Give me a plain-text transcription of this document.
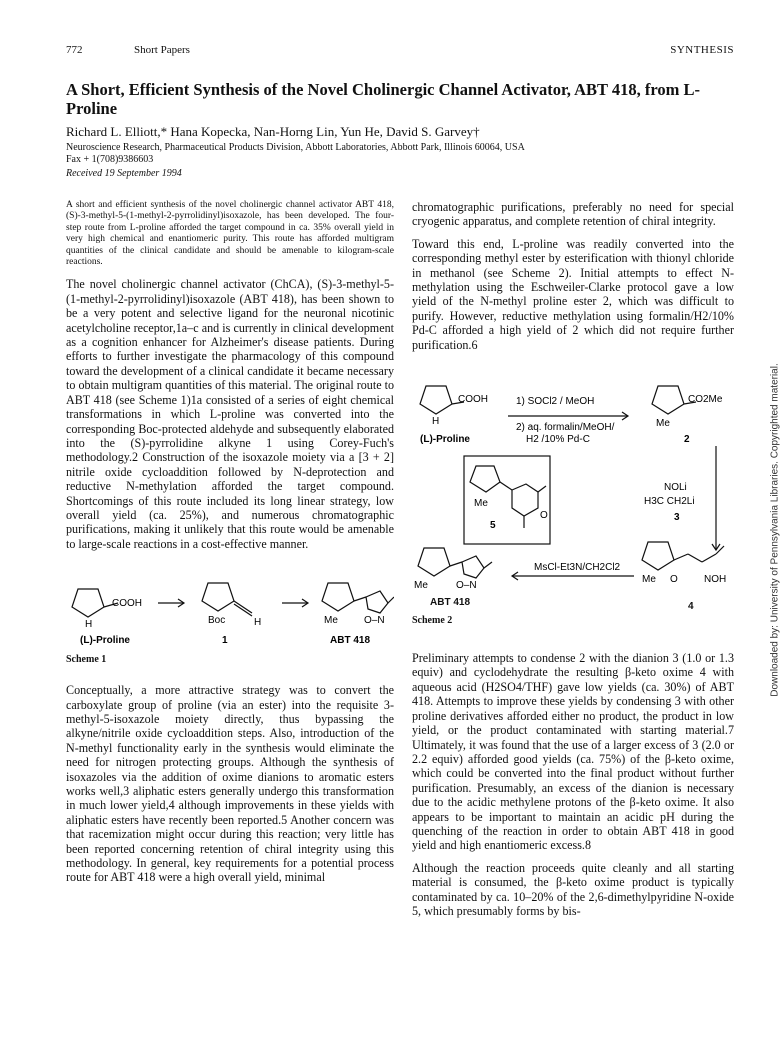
772	Short Papers	SYNTHESIS
A Short, Efficient Synthesis of the Novel Cholinergic Channel Activator, ABT 418, from L-Proline
Richard L. Elliott,* Hana Kopecka, Nan-Horng Lin, Yun He, David S. Garvey†
Neuroscience Research, Pharmaceutical Products Division, Abbott Laboratories, Abbott Park, Illinois 60064, USA
Fax + 1(708)9386603
Received 19 September 1994

A short and efficient synthesis of the novel cholinergic channel activator ABT 418, (S)-3-methyl-5-(1-methyl-2-pyrrolidinyl)isoxazole, has been developed. The four-step route from L-proline afforded the target compound in ca. 35% overall yield in very high chemical and enantiomeric purity. This route has afforded multigram quantities of the clinical candidate and should be amenable to kilogram-scale reactions.

The novel cholinergic channel activator (ChCA), (S)-3-methyl-5-(1-methyl-2-pyrrolidinyl)isoxazole (ABT 418), has been shown to be a very potent and selective ligand for the neuronal nicotinic acetylcholine receptor,1a–c and is currently in clinical development as a cognition enhancer for Alzheimer's disease patients. During efforts to further investigate the pharmacology of this compound toward the development of a clinical candidate it became necessary to obtain multigram quantities of this material. The original route to ABT 418 (see Scheme 1)1a consisted of a series of eight chemical transformations in which L-proline was converted into the corresponding Boc-protected aldehyde and subsequently elaborated into the (S)-pyrrolidine alkyne 1 using Corey-Fuch's methodology.2 Construction of the isoxazole moiety via a [3 + 2] nitrile oxide cycloaddition followed by N-deprotection and reductive N-methylation afforded the target compound. Shortcomings of this route included its long linear strategy, low overall yield (ca. 25%), and numerous chromatographic purifications, making it unlikely that this route would be amenable to large-scale reactions in a cost-effective manner.

COOH
H	Boc	H	Me	O–N
(L)-Proline	1	ABT 418
Scheme 1

Conceptually, a more attractive strategy was to convert the carboxylate group of proline (via an ester) into the requisite 3-methyl-5-isoxazole moiety directly, thus bypassing the alkyne/nitrile oxide cycloaddition steps. Also, introduction of the N-methyl functionality early in the synthesis would eliminate the need for nitrogen protecting groups. Although the synthesis of isoxazoles via the addition of oxime dianions to aromatic esters works well,3 aliphatic esters generally undergo this transformation in much lower yield,4 although improvements in these yields with aliphatic esters have recently been reported.5 Another concern was that racemization might occur during this reaction; very little has been reported concerning retention of chiral integrity using this methodology. In general, key requirements for a potential process route for ABT 418 were a high overall yield, minimal

chromatographic purifications, preferably no need for special cryogenic apparatus, and complete retention of chiral integrity.

Toward this end, L-proline was readily converted into the corresponding methyl ester by esterification with thionyl chloride in methanol (see Scheme 2). Initial attempts to effect N-methylation using the Eschweiler-Clarke protocol gave a low yield of the N-methyl proline ester 2, which was difficult to purify. However, reductive methylation using formalin/H2/10% Pd-C afforded a high yield of 2 which did not require further purification.6

COOH
H
(L)-Proline
1) SOCl2 / MeOH
2) aq. formalin/MeOH/
H2 /10% Pd-C
CO2Me
Me
2
Me
O
5
NOLi
H3C CH2Li
3
Me	O–N
MsCl-Et3N/CH2Cl2
Me O	NOH
ABT 418	4
Scheme 2

Preliminary attempts to condense 2 with the dianion 3 (1.0 or 1.3 equiv) and cyclodehydrate the resulting β-keto oxime 4 with aqueous acid (H2SO4/THF) gave low yields (ca. 30%) of ABT 418. Attempts to improve these yields by condensing 3 with other proline derivatives afforded either no product, the product in low yield, or the product contaminated with starting material.7 Ultimately, it was found that the use of a larger excess of 3 (2.0 or 2.2 equiv) afforded good yields (ca. 75%) of the β-keto oxime, which could be converted into the final product without further purification. Presumably, an excess of the dianion is necessary due to the acidic methylene protons of the β-keto oxime. It also appears to be important to maintain an acidic pH during the quenching of the reaction in order to obtain ABT 418 in good yield and high enantiomeric excess.8

Although the reaction proceeds quite cleanly and all starting material is consumed, the β-keto oxime product is typically contaminated by ca. 10–20% of the 2,6-dimethylpyridine N-oxide 5, which presumably forms by bis-

Downloaded by: University of Pennsylvania Libraries. Copyrighted material.
